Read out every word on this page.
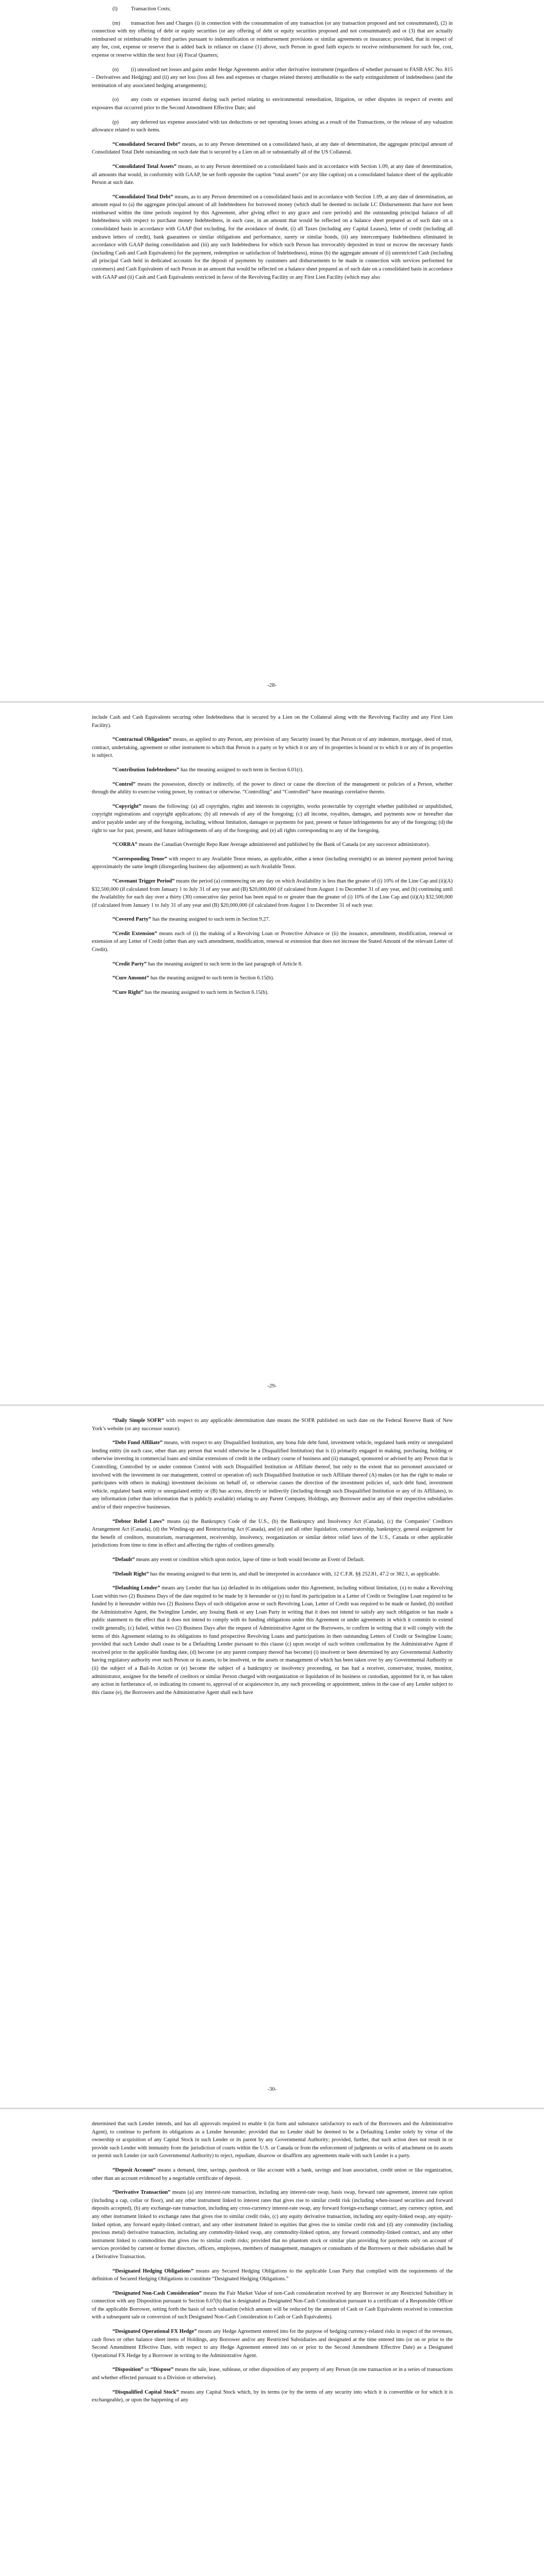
(l)	Transaction Costs;
(m) transaction fees and Charges (i) in connection with the consummation of any transaction (or any transaction proposed and not consummated), (2) in connection with my offering of debt or equity securities (or any offering of debt or equity securities proposed and not consummated) and or (3) that are actually reimbursed or reimbursable by third parties pursuant to indemnification or reimbursement provisions or similar agreements or insurance; provided, that in respect of any fee, cost, expense or reserve that is added back in reliance on clause (1) above, such Person in good faith expects to receive reimbursement for such fee, cost, expense or reserve within the next four (4) Fiscal Quarters;
(n) (i) unrealized net losses and gains under Hedge Agreements and/or other derivative instrument (regardless of whether pursuant to FASB ASC No. 815 – Derivatives and Hedging) and (ii) any net loss (loss all fees and expenses or charges related thereto) attributable to the early extinguishment of indebtedness (and the termination of any associated hedging arrangements);
(o) any costs or expenses incurred during such period relating to environmental remediation, litigation, or other disputes in respect of events and exposures that occurred prior to the Second Amendment Effective Date; and
(p) any deferred tax expense associated with tax deductions or net operating losses arising as a result of the Transactions, or the release of any valuation allowance related to such items.

“Consolidated Secured Debt” means, as to any Person determined on a consolidated basis, at any date of determination, the aggregate principal amount of Consolidated Total Debt outstanding on such date that is secured by a Lien on all or substantially all of the US Collateral.

“Consolidated Total Assets” means, as to any Person determined on a consolidated basis and in accordance with Section 1.09, at any date of determination, all amounts that would, in conformity with GAAP, be set forth opposite the caption “total assets” (or any like caption) on a consolidated balance sheet of the applicable Person at such date.

“Consolidated Total Debt” means, as to any Person determined on a consolidated basis and in accordance with Section 1.09, at any date of determination, an amount equal to (a) the aggregate principal amount of all Indebtedness for borrowed money (which shall be deemed to include LC Disbursements that have not been reimbursed within the time periods required by this Agreement, after giving effect to any grace and cure periods) and the outstanding principal balance of all Indebtedness with respect to purchase money Indebtedness, in each case, in an amount that would be reflected on a balance sheet prepared as of such date on a consolidated basis in accordance with GAAP (but excluding, for the avoidance of doubt, (i) all Taxes (including any Capital Leases), letter of credit (including all undrawn letters of credit), bank guarantees or similar obligations and performance, surety or similar bonds, (ii) any intercompany Indebtedness eliminated in accordance with GAAP during consolidation and (iii) any such Indebtedness for which such Person has irrevocably deposited in trust or escrow the necessary funds (including Cash and Cash Equivalents) for the payment, redemption or satisfaction of Indebtedness), minus (b) the aggregate amount of (i) unrestricted Cash (including all principal Cash held in dedicated accounts for the deposit of payments by customers and disbursements to be made in connection with services performed for customers) and Cash Equivalents of such Person in an amount that would be reflected on a balance sheet prepared as of such date on a consolidated basis in accordance with GAAP and (ii) Cash and Cash Equivalents restricted in favor of the Revolving Facility or any First Lien Facility (which may also

-28-

include Cash and Cash Equivalents securing other Indebtedness that is secured by a Lien on the Collateral along with the Revolving Facility and any First Lien Facility).

“Contractual Obligation” means, as applied to any Person, any provision of any Security issued by that Person or of any indenture, mortgage, deed of trust, contract, undertaking, agreement or other instrument to which that Person is a party or by which it or any of its properties is bound or to which it or any of its properties is subject.

“Contribution Indebtedness” has the meaning assigned to such term in Section 6.01(r).

“Control” means the possession, directly or indirectly, of the power to direct or cause the direction of the management or policies of a Person, whether through the ability to exercise voting power, by contract or otherwise. “Controlling” and “Controlled” have meanings correlative thereto.

“Copyright” means the following: (a) all copyrights, rights and interests in copyrights, works protectable by copyright whether published or unpublished, copyright registrations and copyright applications; (b) all renewals of any of the foregoing; (c) all income, royalties, damages, and payments now or hereafter due and/or payable under any of the foregoing, including, without limitation, damages or payments for past, present or future infringements for any of the foregoing; (d) the right to sue for past, present, and future infringements of any of the foregoing; and (e) all rights corresponding to any of the foregoing.

“CORRA” means the Canadian Overnight Repo Rate Average administered and published by the Bank of Canada (or any successor administrator).

“Corresponding Tenor” with respect to any Available Tenor means, as applicable, either a tenor (including overnight) or an interest payment period having approximately the same length (disregarding business day adjustment) as such Available Tenor.

“Covenant Trigger Period” means the period (a) commencing on any day on which Availability is less than the greater of (i) 10% of the Line Cap and (ii)(A) $32,500,000 (if calculated from January 1 to July 31 of any year and (B) $20,000,000 (if calculated from August 1 to December 31 of any year, and (b) continuing until the Availability for each day over a thirty (30) consecutive day period has been equal to or greater than the greater of (i) 10% of the Line Cap and (ii)(A) $32,500,000 (if calculated from January 1 to July 31 of any year and (B) $20,000,000 (if calculated from August 1 to December 31 of each year.

“Covered Party” has the meaning assigned to such term in Section 9.27.

“Credit Extension” means each of (i) the making of a Revolving Loan or Protective Advance or (ii) the issuance, amendment, modification, renewal or extension of any Letter of Credit (other than any such amendment, modification, renewal or extension that does not increase the Stated Amount of the relevant Letter of Credit).

“Credit Party” has the meaning assigned to such term in the last paragraph of Article 8.

“Cure Amount” has the meaning assigned to such term in Section 6.15(b).

“Cure Right” has the meaning assigned to such term in Section 6.15(b).

-29-

“Daily Simple SOFR” with respect to any applicable determination date means the SOFR published on such date on the Federal Reserve Bank of New York’s website (or any successor source).

“Debt Fund Affiliate” means, with respect to any Disqualified Institution, any bona fide debt fund, investment vehicle, regulated bank entity or unregulated lending entity (in each case, other than any person that would otherwise be a Disqualified Institution) that is (i) primarily engaged in making, purchasing, holding or otherwise investing in commercial loans and similar extensions of credit in the ordinary course of business and (ii) managed, sponsored or advised by any Person that is Controlling, Controlled by or under common Control with such Disqualified Institution or Affiliate thereof, but only to the extent that no personnel associated or involved with the investment in our management, control or operation of) such Disqualified Institution or such Affiliate thereof (A) makes (or has the right to make or participates with others in making) investment decisions on behalf of, or otherwise causes the direction of the investment policies of, such debt fund, investment vehicle, regulated bank entity or unregulated entity or (B) has access, directly or indirectly (including through such Disqualified Institution or any of its Affiliates), to any information (other than information that is publicly available) relating to any Parent Company, Holdings, any Borrower and/or any of their respective subsidiaries and/or of their respective businesses.

“Debtor Relief Laws” means (a) the Bankruptcy Code of the U.S., (b) the Bankruptcy and Insolvency Act (Canada), (c) the Companies’ Creditors Arrangement Act (Canada), (d) the Winding-up and Restructuring Act (Canada), and (e) and all other liquidation, conservatorship, bankruptcy, general assignment for the benefit of creditors, moratorium, rearrangement, receivership, insolvency, reorganization or similar debtor relief laws of the U.S., Canada or other applicable jurisdictions from time to time in effect and affecting the rights of creditors generally.

“Default” means any event or condition which upon notice, lapse of time or both would become an Event of Default.

“Default Right” has the meaning assigned to that term in, and shall be interpreted in accordance with, 12 C.F.R. §§ 252.81, 47.2 or 382.1, as applicable.

“Defaulting Lender” means any Lender that has (a) defaulted in its obligations under this Agreement, including without limitation, (x) to make a Revolving Loan within two (2) Business Days of the date required to be made by it hereunder or (y) to fund its participation in a Letter of Credit or Swingline Loan required to be funded by it hereunder within two (2) Business Days of such obligation arose or such Revolving Loan, Letter of Credit was required to be made or funded, (b) notified the Administrative Agent, the Swingline Lender, any Issuing Bank or any Loan Party in writing that it does not intend to satisfy any such obligation or has made a public statement to the effect that it does not intend to comply with its funding obligations under this Agreement or under agreements in which it commits to extend credit generally, (c) failed, within two (2) Business Days after the request of Administrative Agent or the Borrowers, to confirm in writing that it will comply with the terms of this Agreement relating to its obligations to fund prospective Revolving Loans and participations in then outstanding Letters of Credit or Swingline Loans; provided that such Lender shall cease to be a Defaulting Lender pursuant to this clause (c) upon receipt of such written confirmation by the Administrative Agent if received prior to the applicable funding date, (d) become (or any parent company thereof has become) (i) insolvent or been determined by any Governmental Authority having regulatory authority over such Person or its assets, to be insolvent, or the assets or management of which has been taken over by any Governmental Authority or (ii) the subject of a Bail-In Action or (e) become the subject of a bankruptcy or insolvency proceeding, or has had a receiver, conservator, trustee, monitor, administrator, assignee for the benefit of creditors or similar Person charged with reorganization or liquidation of its business or custodian, appointed for it, or has taken any action in furtherance of, or indicating its consent to, approval of or acquiescence in, any such proceeding or appointment, unless in the case of any Lender subject to this clause (e), the Borrowers and the Administrative Agent shall each have

-30-

determined that such Lender intends, and has all approvals required to enable it (in form and substance satisfactory to each of the Borrowers and the Administrative Agent), to continue to perform its obligations as a Lender hereunder; provided that no Lender shall be deemed to be a Defaulting Lender solely by virtue of the ownership or acquisition of any Capital Stock in such Lender or its parent by any Governmental Authority; provided, further, that such action does not result in or provide such Lender with immunity from the jurisdiction of courts within the U.S. or Canada or from the enforcement of judgments or writs of attachment on its assets or permit such Lender (or such Governmental Authority) to reject, repudiate, disavow or disaffirm any agreements made with such Lender is a party.

“Deposit Account” means a demand, time, savings, passbook or like account with a bank, savings and loan association, credit union or like organization, other than an account evidenced by a negotiable certificate of deposit.

“Derivative Transaction” means (a) any interest-rate transaction, including any interest-rate swap, basis swap, forward rate agreement, interest rate option (including a cap, collar or floor), and any other instrument linked to interest rates that gives rise to similar credit risk (including when-issued securities and forward deposits accepted), (b) any exchange-rate transaction, including any cross-currency interest-rate swap, any forward foreign-exchange contract, any currency option, and any other instrument linked to exchange rates that gives rise to similar credit risks, (c) any equity derivative transaction, including any equity-linked swap, any equity-linked option, any forward equity-linked contract, and any other instrument linked to equities that gives rise to similar credit risk and (d) any commodity (including precious metal) derivative transaction, including any commodity-linked swap, any commodity-linked option, any forward commodity-linked contract, and any other instrument linked to commodities that gives rise to similar credit risks; provided that no phantom stock or similar plan providing for payments only on account of services provided by current or former directors, officers, employees, members of management, managers or consultants of the Borrowers or their subsidiaries shall be a Derivative Transaction.

“Designated Hedging Obligations” means any Secured Hedging Obligations to the applicable Loan Party that complied with the requirements of the definition of Secured Hedging Obligations to constitute “Designated Hedging Obligations.”

“Designated Non-Cash Consideration” means the Fair Market Value of non-Cash consideration received by any Borrower or any Restricted Subsidiary in connection with any Disposition pursuant to Section 6.07(h) that is designated as Designated Non-Cash Consideration pursuant to a certificate of a Responsible Officer of the applicable Borrower, setting forth the basis of such valuation (which amount will be reduced by the amount of Cash or Cash Equivalents received in connection with a subsequent sale or conversion of such Designated Non-Cash Consideration to Cash or Cash Equivalents).

“Designated Operational FX Hedge” means any Hedge Agreement entered into for the purpose of hedging currency-related risks in respect of the revenues, cash flows or other balance sheet items of Holdings, any Borrower and/or any Restricted Subsidiaries and designated at the time entered into (or on or prior to the Second Amendment Effective Date, with respect to any Hedge Agreement entered into on or prior to the Second Amendment Effective Date) as a Designated Operational FX Hedge by a Borrower in writing to the Administrative Agent.

“Disposition” or “Dispose” means the sale, lease, sublease, or other disposition of any property of any Person (in one transaction or in a series of transactions and whether effected pursuant to a Division or otherwise).

“Disqualified Capital Stock” means any Capital Stock which, by its terms (or by the terms of any security into which it is convertible or for which it is exchangeable), or upon the happening of any
